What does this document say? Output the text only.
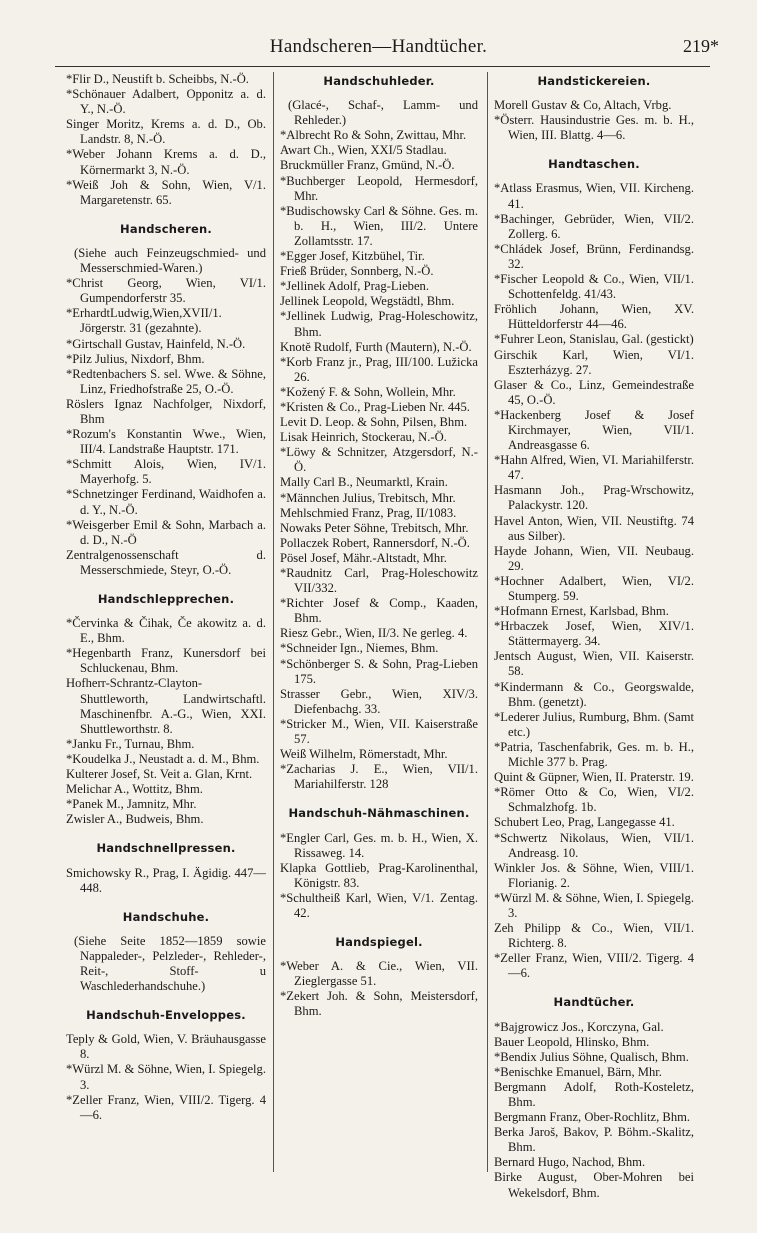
Handscheren—Handtücher.	219*
*Flir D., Neustift b. Scheibbs, N.-Ö.
*Schönauer Adalbert, Opponitz a. d. Y., N.-Ö.
Singer Moritz, Krems a. d. D., Ob. Landstr. 8, N.-Ö.
*Weber Johann Krems a. d. D., Körnermarkt 3, N.-Ö.
*Weiß Joh & Sohn, Wien, V/1. Margaretenstr. 65.
Handscheren.
(Siehe auch Feinzeugschmied- und Messerschmied-Waren.)
*Christ Georg, Wien, VI/1. Gumpendorferstr 35.
*ErhardtLudwig,Wien,XVII/1. Jörgerstr. 31 (gezahnte).
*Girtschall Gustav, Hainfeld, N.-Ö.
*Pilz Julius, Nixdorf, Bhm.
*Redtenbachers S. sel. Wwe. & Söhne, Linz, Friedhofstraße 25, O.-Ö.
Röslers Ignaz Nachfolger, Nixdorf, Bhm
*Rozum's Konstantin Wwe., Wien, III/4. Landstraße Hauptstr. 171.
*Schmitt Alois, Wien, IV/1. Mayerhofg. 5.
*Schnetzinger Ferdinand, Waidhofen a. d. Y., N.-Ö.
*Weisgerber Emil & Sohn, Marbach a. d. D., N.-Ö
Zentralgenossenschaft d. Messerschmiede, Steyr, O.-Ö.
Handschlepprechen.
*Červinka & Čihak, Če akowitz a. d. E., Bhm.
*Hegenbarth Franz, Kunersdorf bei Schluckenau, Bhm.
Hofherr-Schrantz-Clayton-Shuttleworth, Landwirtschaftl. Maschinenfbr. A.-G., Wien, XXI. Shuttleworthstr. 8.
*Janku Fr., Turnau, Bhm.
*Koudelka J., Neustadt a. d. M., Bhm.
Kulterer Josef, St. Veit a. Glan, Krnt.
Melichar A., Wottitz, Bhm.
*Panek M., Jamnitz, Mhr.
Zwisler A., Budweis, Bhm.
Handschnellpressen.
Smichowsky R., Prag, I. Ägidig. 447—448.
Handschuhe.
(Siehe Seite 1852—1859 sowie Nappaleder-, Pelzleder-, Rehleder-, Reit-, Stoff- u Waschlederhandschuhe.)
Handschuh-Enveloppes.
Teply & Gold, Wien, V. Bräuhausgasse 8.
*Würzl M. & Söhne, Wien, I. Spiegelg. 3.
*Zeller Franz, Wien, VIII/2. Tigerg. 4—6.
Handschuhleder.
(Glacé-, Schaf-, Lamm- und Rehleder.)
*Albrecht Ro & Sohn, Zwittau, Mhr.
Awart Ch., Wien, XXI/5 Stadlau.
Bruckmüller Franz, Gmünd, N.-Ö.
*Buchberger Leopold, Hermesdorf, Mhr.
*Budischowsky Carl & Söhne. Ges. m. b. H., Wien, III/2. Untere Zollamtsstr. 17.
*Egger Josef, Kitzbühel, Tir.
Frieß Brüder, Sonnberg, N.-Ö.
*Jellinek Adolf, Prag-Lieben.
Jellinek Leopold, Wegstädtl, Bhm.
*Jellinek Ludwig, Prag-Holeschowitz, Bhm.
Knotě Rudolf, Furth (Mautern), N.-Ö.
*Korb Franz jr., Prag, III/100. Lužicka 26.
*Kožený F. & Sohn, Wollein, Mhr.
*Kristen & Co., Prag-Lieben Nr. 445.
Levit D. Leop. & Sohn, Pilsen, Bhm.
Lisak Heinrich, Stockerau, N.-Ö.
*Löwy & Schnitzer, Atzgersdorf, N.-Ö.
Mally Carl B., Neumarktl, Krain.
*Männchen Julius, Trebitsch, Mhr.
Mehlschmied Franz, Prag, II/1083.
Nowaks Peter Söhne, Trebitsch, Mhr.
Pollaczek Robert, Rannersdorf, N.-Ö.
Pösel Josef, Mähr.-Altstadt, Mhr.
*Raudnitz Carl, Prag-Holeschowitz VII/332.
*Richter Josef & Comp., Kaaden, Bhm.
Riesz Gebr., Wien, II/3. Ne gerleg. 4.
*Schneider Ign., Niemes, Bhm.
*Schönberger S. & Sohn, Prag-Lieben 175.
Strasser Gebr., Wien, XIV/3. Diefenbachg. 33.
*Stricker M., Wien, VII. Kaiserstraße 57.
Weiß Wilhelm, Römerstadt, Mhr.
*Zacharias J. E., Wien, VII/1. Mariahilferstr. 128
Handschuh-Nähmaschinen.
*Engler Carl, Ges. m. b. H., Wien, X. Rissaweg. 14.
Klapka Gottlieb, Prag-Karolinenthal, Königstr. 83.
*Schultheiß Karl, Wien, V/1. Zentag. 42.
Handspiegel.
*Weber A. & Cie., Wien, VII. Zieglergasse 51.
*Zekert Joh. & Sohn, Meistersdorf, Bhm.
Handstickereien.
Morell Gustav & Co, Altach, Vrbg.
*Österr. Hausindustrie Ges. m. b. H., Wien, III. Blattg. 4—6.
Handtaschen.
*Atlass Erasmus, Wien, VII. Kircheng. 41.
*Bachinger, Gebrüder, Wien, VII/2. Zollerg. 6.
*Chládek Josef, Brünn, Ferdinandsg. 32.
*Fischer Leopold & Co., Wien, VII/1. Schottenfeldg. 41/43.
Fröhlich Johann, Wien, XV. Hütteldorferstr 44—46.
*Fuhrer Leon, Stanislau, Gal. (gestickt)
Girschik Karl, Wien, VI/1. Eszterházyg. 27.
Glaser & Co., Linz, Gemeindestraße 45, O.-Ö.
*Hackenberg Josef & Josef Kirchmayer, Wien, VII/1. Andreasgasse 6.
*Hahn Alfred, Wien, VI. Mariahilferstr. 47.
Hasmann Joh., Prag-Wrschowitz, Palackystr. 120.
Havel Anton, Wien, VII. Neustiftg. 74 aus Silber).
Hayde Johann, Wien, VII. Neubaug. 29.
*Hochner Adalbert, Wien, VI/2. Stumperg. 59.
*Hofmann Ernest, Karlsbad, Bhm.
*Hrbaczek Josef, Wien, XIV/1. Stättermayerg. 34.
Jentsch August, Wien, VII. Kaiserstr. 58.
*Kindermann & Co., Georgswalde, Bhm. (genetzt).
*Lederer Julius, Rumburg, Bhm. (Samt etc.)
*Patria, Taschenfabrik, Ges. m. b. H., Michle 377 b. Prag.
Quint & Güpner, Wien, II. Praterstr. 19.
*Römer Otto & Co, Wien, VI/2. Schmalzhofg. 1b.
Schubert Leo, Prag, Langegasse 41.
*Schwertz Nikolaus, Wien, VII/1. Andreasg. 10.
Winkler Jos. & Söhne, Wien, VIII/1. Florianig. 2.
*Würzl M. & Söhne, Wien, I. Spiegelg. 3.
Zeh Philipp & Co., Wien, VII/1. Richterg. 8.
*Zeller Franz, Wien, VIII/2. Tigerg. 4—6.
Handtücher.
*Bajgrowicz Jos., Korczyna, Gal.
Bauer Leopold, Hlinsko, Bhm.
*Bendix Julius Söhne, Qualisch, Bhm.
*Benischke Emanuel, Bärn, Mhr.
Bergmann Adolf, Roth-Kosteletz, Bhm.
Bergmann Franz, Ober-Rochlitz, Bhm.
Berka Jaroš, Bakov, P. Böhm.-Skalitz, Bhm.
Bernard Hugo, Nachod, Bhm.
Birke August, Ober-Mohren bei Wekelsdorf, Bhm.
